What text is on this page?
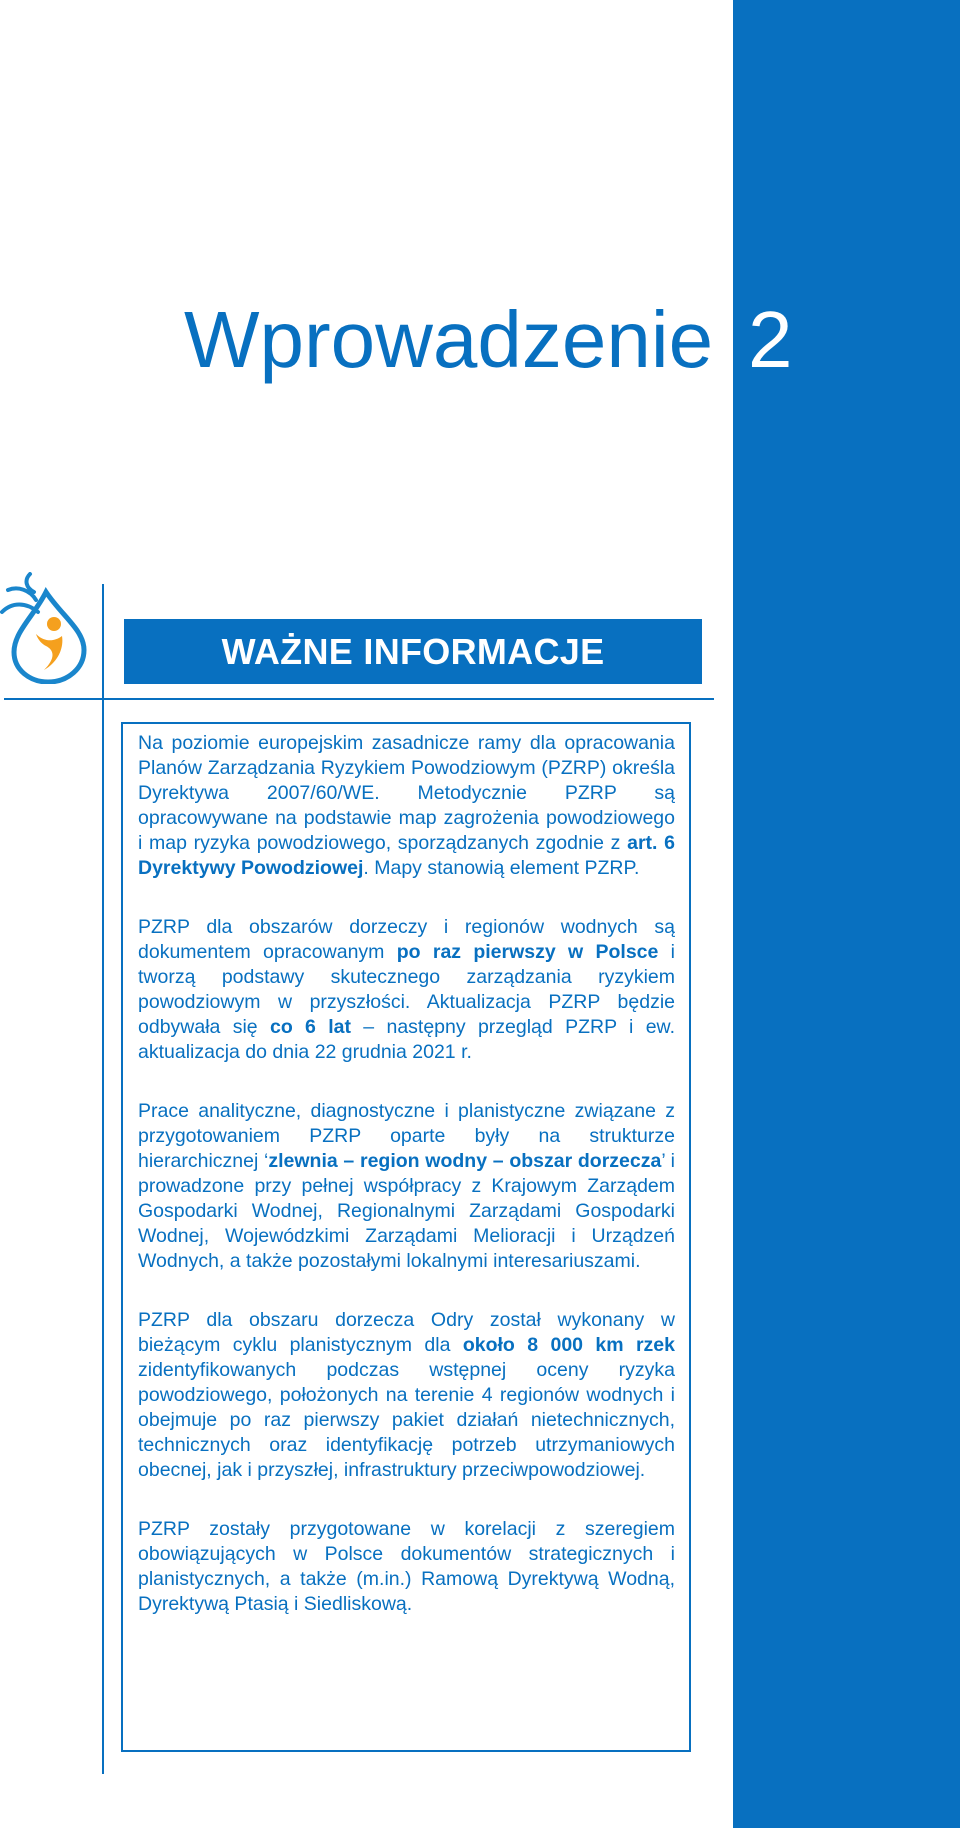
Wprowadzenie 2
WAŻNE INFORMACJE

Na poziomie europejskim zasadnicze ramy dla opracowania Planów Zarządzania Ryzykiem Powodziowym (PZRP) określa Dyrektywa 2007/60/WE. Metodycznie PZRP są opracowywane na podstawie map zagrożenia powodziowego i map ryzyka powodziowego, sporządzanych zgodnie z art. 6 Dyrektywy Powodziowej. Mapy stanowią element PZRP.

PZRP dla obszarów dorzeczy i regionów wodnych są dokumentem opracowanym po raz pierwszy w Polsce i tworzą podstawy skutecznego zarządzania ryzykiem powodziowym w przyszłości. Aktualizacja PZRP będzie odbywała się co 6 lat – następny przegląd PZRP i ew. aktualizacja do dnia 22 grudnia 2021 r.

Prace analityczne, diagnostyczne i planistyczne związane z przygotowaniem PZRP oparte były na strukturze hierarchicznej ‘zlewnia – region wodny – obszar dorzecza’ i prowadzone przy pełnej współpracy z Krajowym Zarządem Gospodarki Wodnej, Regionalnymi Zarządami Gospodarki Wodnej, Wojewódzkimi Zarządami Melioracji i Urządzeń Wodnych, a także pozostałymi lokalnymi interesariuszami.

PZRP dla obszaru dorzecza Odry został wykonany w bieżącym cyklu planistycznym dla około 8 000 km rzek zidentyfikowanych podczas wstępnej oceny ryzyka powodziowego, położonych na terenie 4 regionów wodnych i obejmuje po raz pierwszy pakiet działań nietechnicznych, technicznych oraz identyfikację potrzeb utrzymaniowych obecnej, jak i przyszłej, infrastruktury przeciwpowodziowej.

PZRP zostały przygotowane w korelacji z szeregiem obowiązujących w Polsce dokumentów strategicznych i planistycznych, a także (m.in.) Ramową Dyrektywą Wodną, Dyrektywą Ptasią i Siedliskową.
